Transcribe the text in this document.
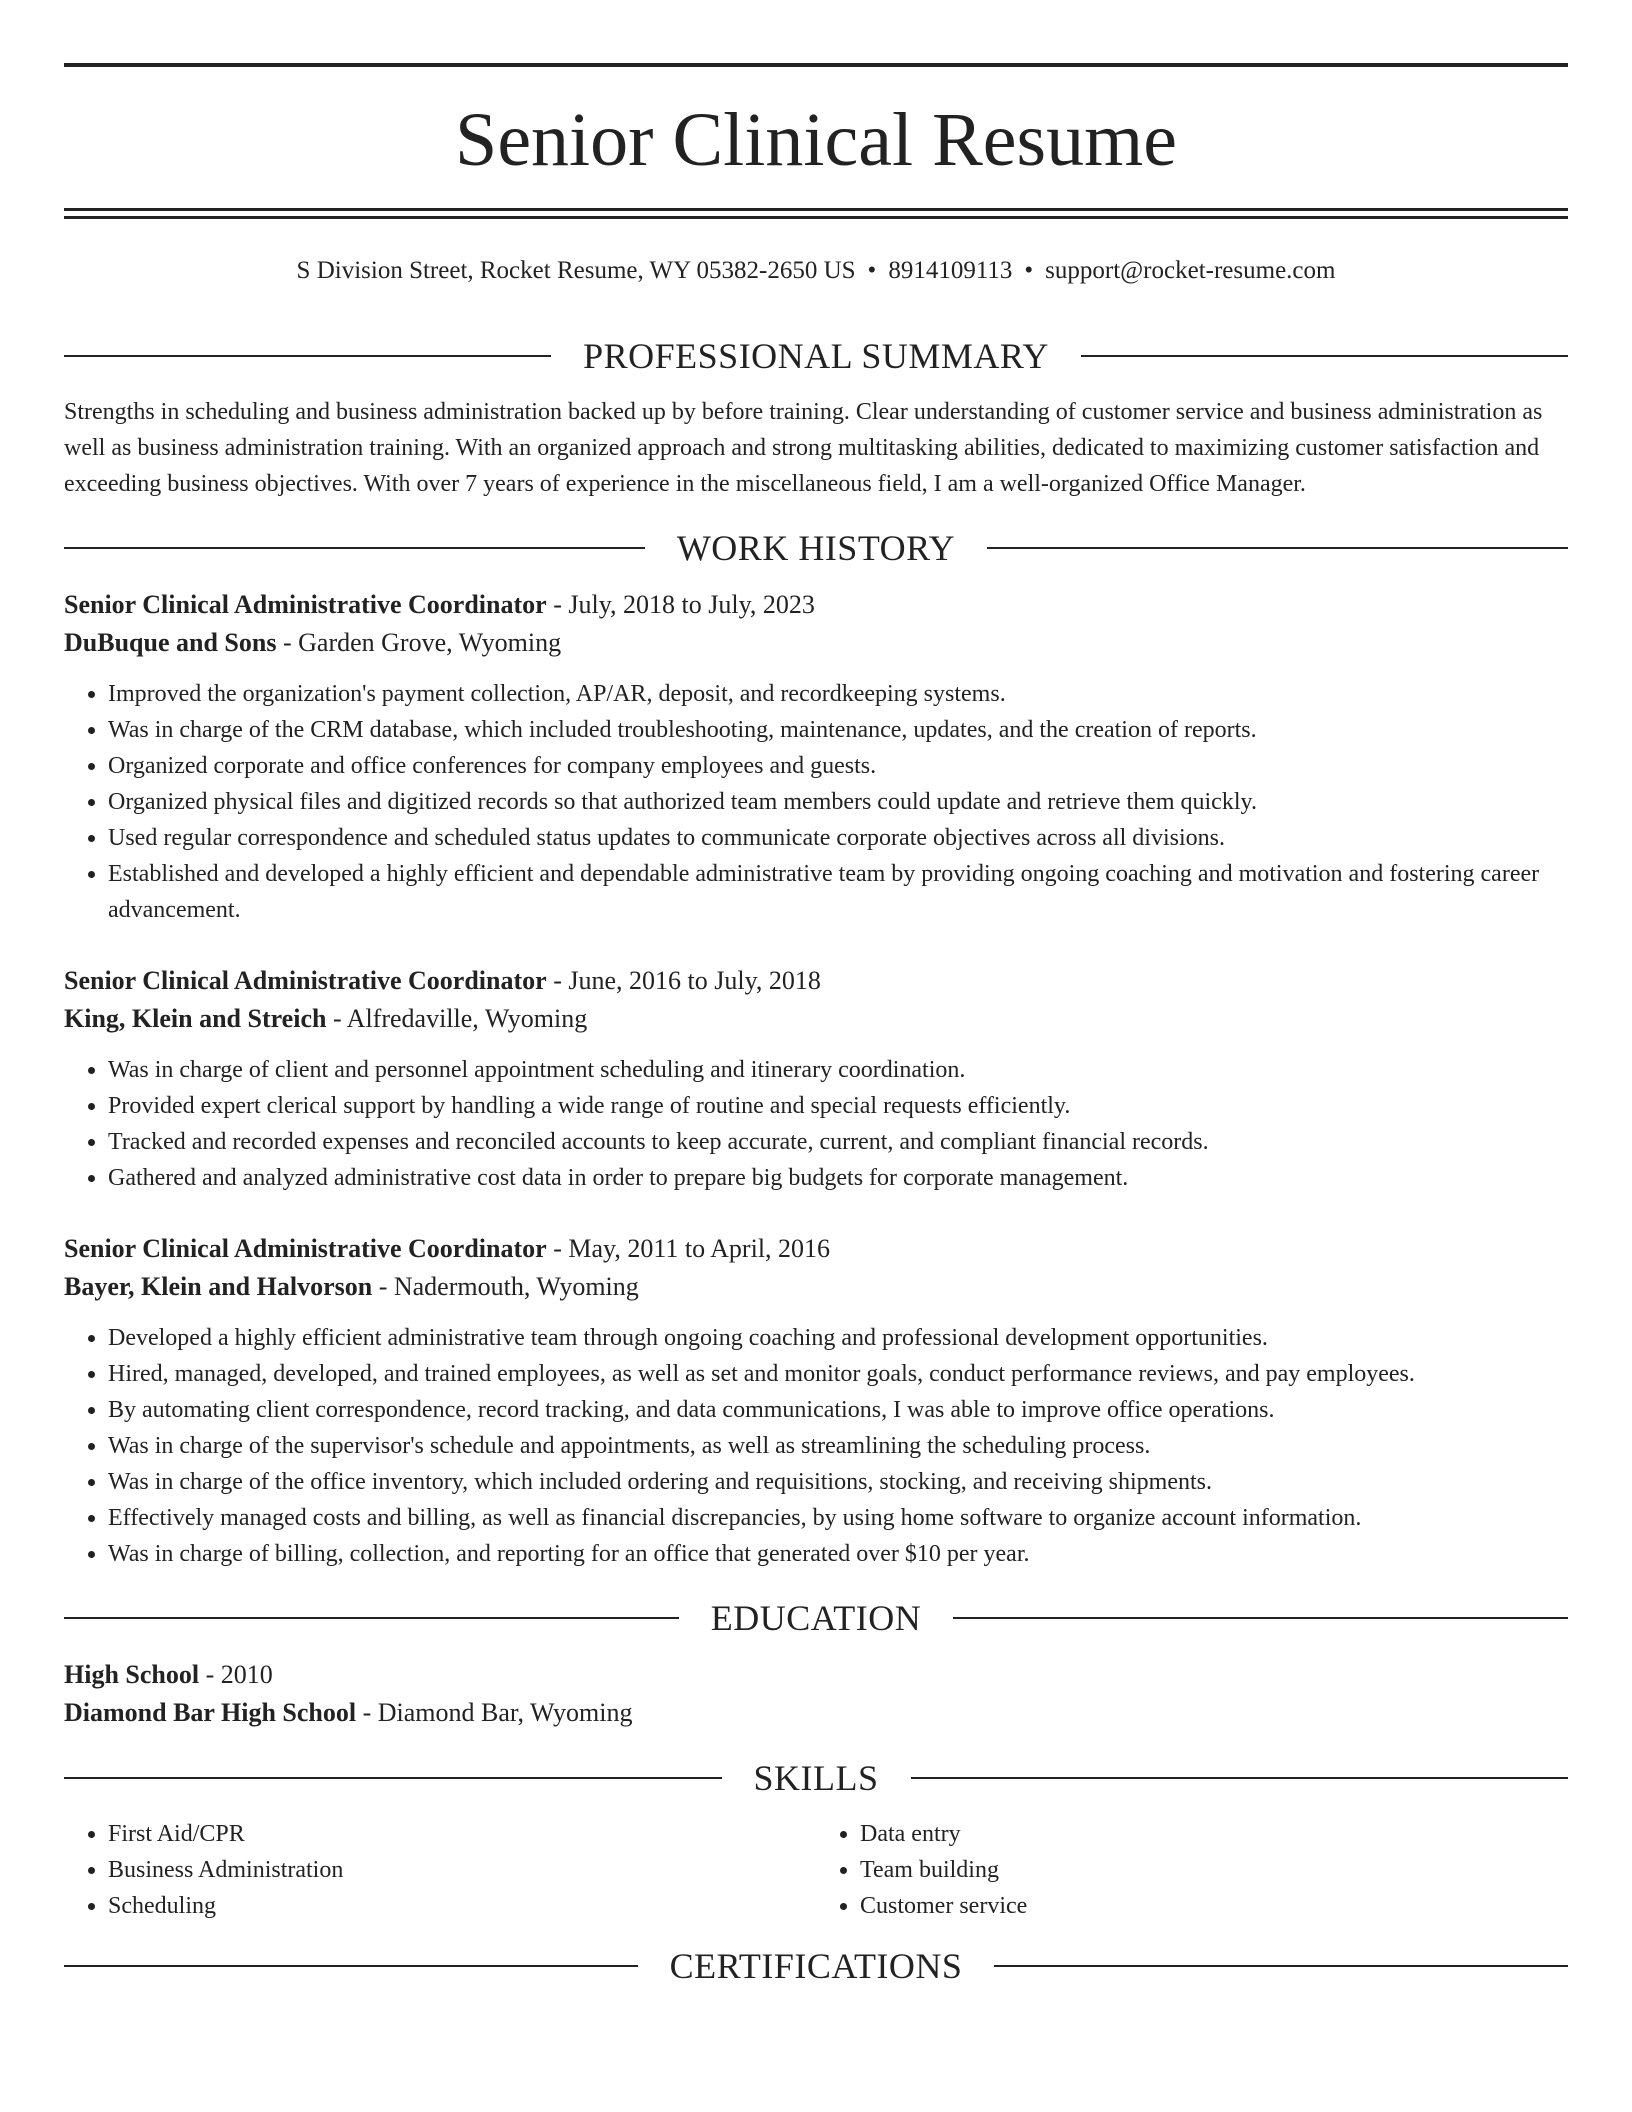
Senior Clinical Resume
S Division Street, Rocket Resume, WY 05382-2650 US • 8914109113 • support@rocket-resume.com
PROFESSIONAL SUMMARY

Strengths in scheduling and business administration backed up by before training. Clear understanding of customer service and business administration as well as business administration training. With an organized approach and strong multitasking abilities, dedicated to maximizing customer satisfaction and exceeding business objectives. With over 7 years of experience in the miscellaneous field, I am a well-organized Office Manager.

WORK HISTORY
Senior Clinical Administrative Coordinator - July, 2018 to July, 2023
DuBuque and Sons - Garden Grove, Wyoming
• Improved the organization's payment collection, AP/AR, deposit, and recordkeeping systems.
• Was in charge of the CRM database, which included troubleshooting, maintenance, updates, and the creation of reports.
• Organized corporate and office conferences for company employees and guests.
• Organized physical files and digitized records so that authorized team members could update and retrieve them quickly.
• Used regular correspondence and scheduled status updates to communicate corporate objectives across all divisions.
• Established and developed a highly efficient and dependable administrative team by providing ongoing coaching and motivation and fostering career advancement.
Senior Clinical Administrative Coordinator - June, 2016 to July, 2018
King, Klein and Streich - Alfredaville, Wyoming
• Was in charge of client and personnel appointment scheduling and itinerary coordination.
• Provided expert clerical support by handling a wide range of routine and special requests efficiently.
• Tracked and recorded expenses and reconciled accounts to keep accurate, current, and compliant financial records.
• Gathered and analyzed administrative cost data in order to prepare big budgets for corporate management.
Senior Clinical Administrative Coordinator - May, 2011 to April, 2016
Bayer, Klein and Halvorson - Nadermouth, Wyoming
• Developed a highly efficient administrative team through ongoing coaching and professional development opportunities.
• Hired, managed, developed, and trained employees, as well as set and monitor goals, conduct performance reviews, and pay employees.
• By automating client correspondence, record tracking, and data communications, I was able to improve office operations.
• Was in charge of the supervisor's schedule and appointments, as well as streamlining the scheduling process.
• Was in charge of the office inventory, which included ordering and requisitions, stocking, and receiving shipments.
• Effectively managed costs and billing, as well as financial discrepancies, by using home software to organize account information.
• Was in charge of billing, collection, and reporting for an office that generated over $10 per year.
EDUCATION
High School - 2010
Diamond Bar High School - Diamond Bar, Wyoming
SKILLS
• First Aid/CPR
• Business Administration
• Scheduling
• Data entry
• Team building
• Customer service
CERTIFICATIONS
